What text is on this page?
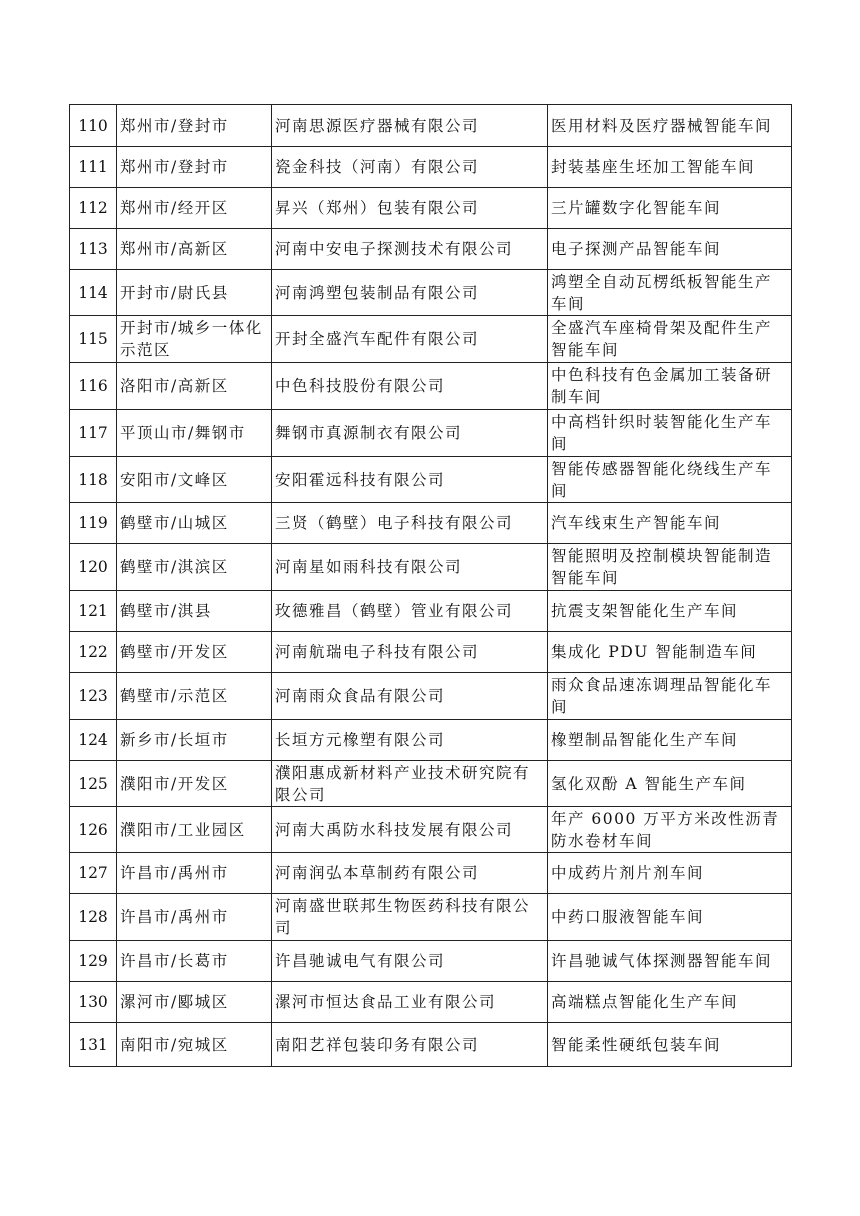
110	郑州市/登封市	河南思源医疗器械有限公司	医用材料及医疗器械智能车间
111	郑州市/登封市	瓷金科技（河南）有限公司	封装基座生坯加工智能车间
112	郑州市/经开区	昇兴（郑州）包装有限公司	三片罐数字化智能车间
113	郑州市/高新区	河南中安电子探测技术有限公司	电子探测产品智能车间
114	开封市/尉氏县	河南鸿塑包装制品有限公司	鸿塑全自动瓦楞纸板智能生产车间
115	开封市/城乡一体化示范区	开封全盛汽车配件有限公司	全盛汽车座椅骨架及配件生产智能车间
116	洛阳市/高新区	中色科技股份有限公司	中色科技有色金属加工装备研制车间
117	平顶山市/舞钢市	舞钢市真源制衣有限公司	中高档针织时装智能化生产车间
118	安阳市/文峰区	安阳霍远科技有限公司	智能传感器智能化绕线生产车间
119	鹤壁市/山城区	三贤（鹤壁）电子科技有限公司	汽车线束生产智能车间
120	鹤壁市/淇滨区	河南星如雨科技有限公司	智能照明及控制模块智能制造智能车间
121	鹤壁市/淇县	玫德雅昌（鹤壁）管业有限公司	抗震支架智能化生产车间
122	鹤壁市/开发区	河南航瑞电子科技有限公司	集成化 PDU 智能制造车间
123	鹤壁市/示范区	河南雨众食品有限公司	雨众食品速冻调理品智能化车间
124	新乡市/长垣市	长垣方元橡塑有限公司	橡塑制品智能化生产车间
125	濮阳市/开发区	濮阳惠成新材料产业技术研究院有限公司	氢化双酚 A 智能生产车间
126	濮阳市/工业园区	河南大禹防水科技发展有限公司	年产 6000 万平方米改性沥青防水卷材车间
127	许昌市/禹州市	河南润弘本草制药有限公司	中成药片剂片剂车间
128	许昌市/禹州市	河南盛世联邦生物医药科技有限公司	中药口服液智能车间
129	许昌市/长葛市	许昌驰诚电气有限公司	许昌驰诚气体探测器智能车间
130	漯河市/郾城区	漯河市恒达食品工业有限公司	高端糕点智能化生产车间
131	南阳市/宛城区	南阳艺祥包装印务有限公司	智能柔性硬纸包装车间
